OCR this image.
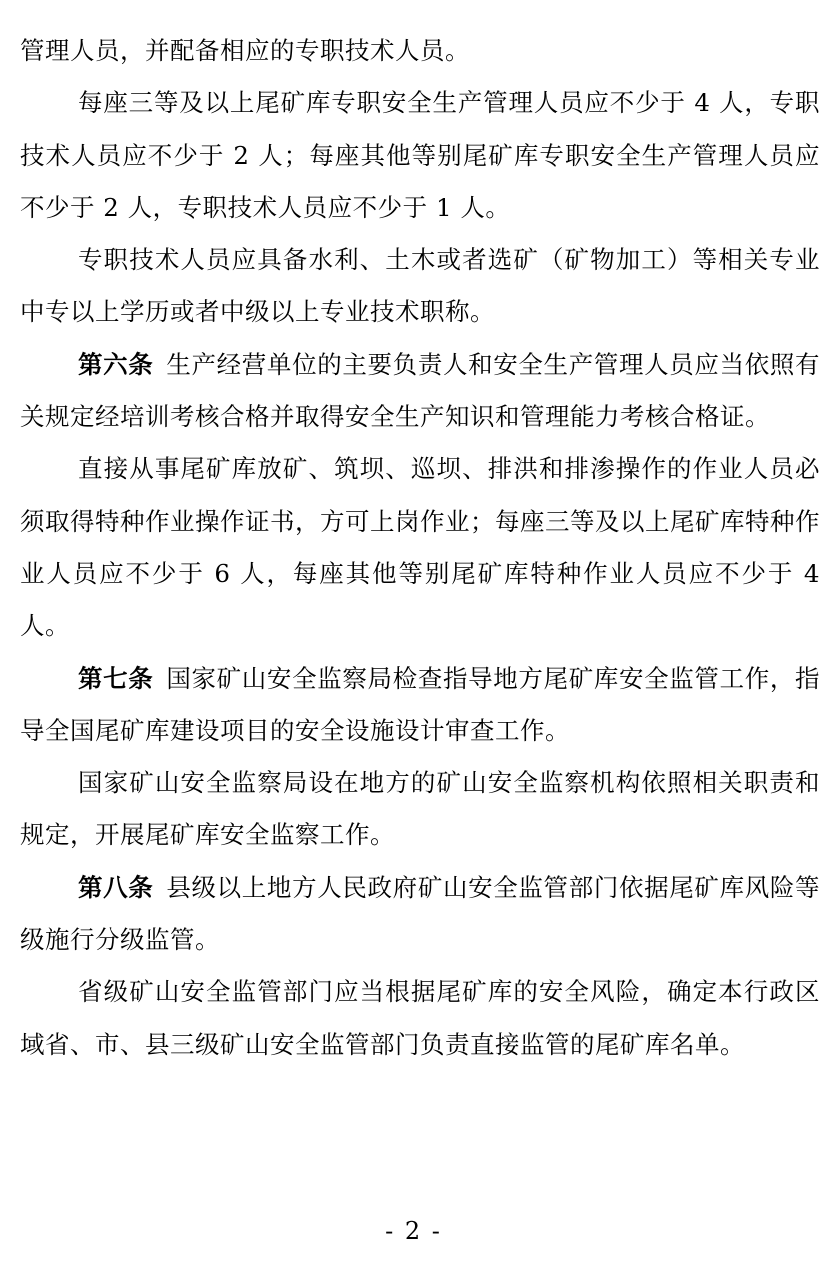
管理人员，并配备相应的专职技术人员。

每座三等及以上尾矿库专职安全生产管理人员应不少于 4 人，专职技术人员应不少于 2 人；每座其他等别尾矿库专职安全生产管理人员应不少于 2 人，专职技术人员应不少于 1 人。

专职技术人员应具备水利、土木或者选矿（矿物加工）等相关专业中专以上学历或者中级以上专业技术职称。

第六条  生产经营单位的主要负责人和安全生产管理人员应当依照有关规定经培训考核合格并取得安全生产知识和管理能力考核合格证。

直接从事尾矿库放矿、筑坝、巡坝、排洪和排渗操作的作业人员必须取得特种作业操作证书，方可上岗作业；每座三等及以上尾矿库特种作业人员应不少于 6 人，每座其他等别尾矿库特种作业人员应不少于 4 人。

第七条  国家矿山安全监察局检查指导地方尾矿库安全监管工作，指导全国尾矿库建设项目的安全设施设计审查工作。

国家矿山安全监察局设在地方的矿山安全监察机构依照相关职责和规定，开展尾矿库安全监察工作。

第八条  县级以上地方人民政府矿山安全监管部门依据尾矿库风险等级施行分级监管。

省级矿山安全监管部门应当根据尾矿库的安全风险，确定本行政区域省、市、县三级矿山安全监管部门负责直接监管的尾矿库名单。

- 2 -
